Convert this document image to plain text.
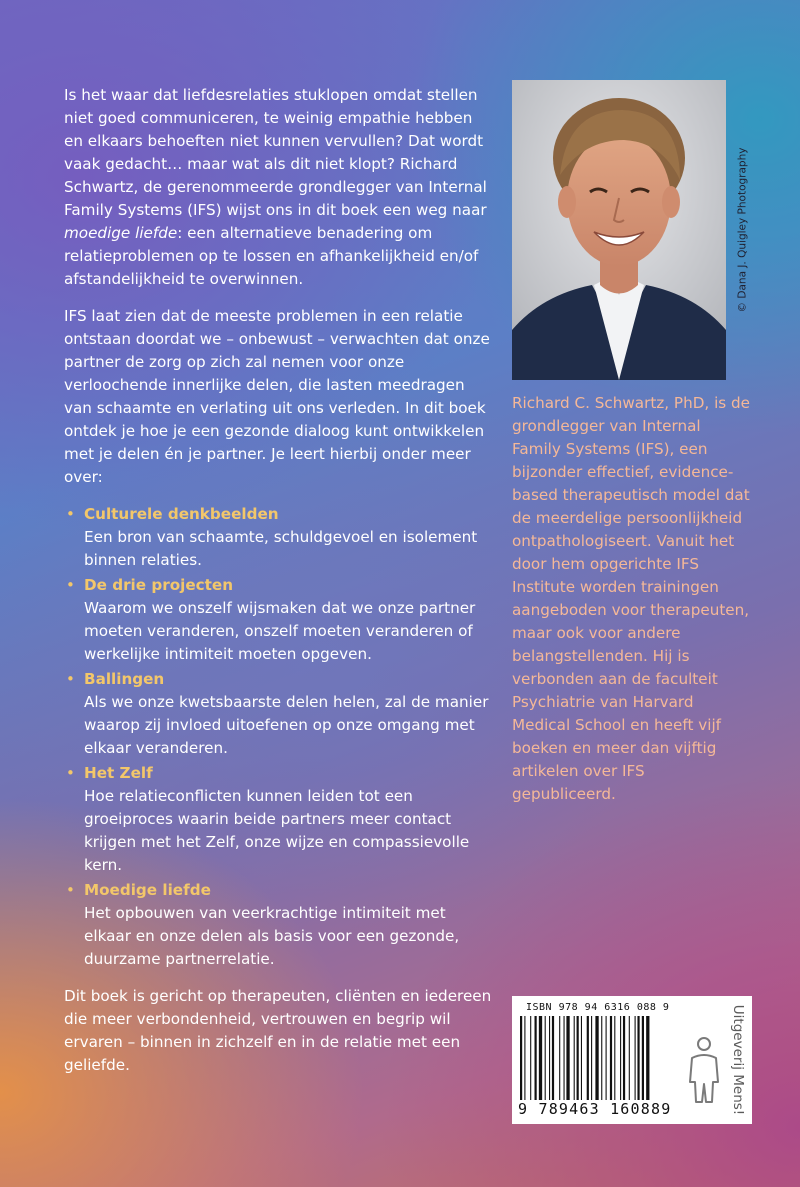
Is het waar dat liefdesrelaties stuklopen omdat stellen niet goed communiceren, te weinig empathie hebben en elkaars behoeften niet kunnen vervullen? Dat wordt vaak gedacht… maar wat als dit niet klopt? Richard Schwartz, de gerenommeerde grondlegger van Internal Family Systems (IFS) wijst ons in dit boek een weg naar moedige liefde: een alternatieve benadering om relatieproblemen op te lossen en afhankelijkheid en/of afstandelijkheid te overwinnen.

IFS laat zien dat de meeste problemen in een relatie ontstaan doordat we – onbewust – verwachten dat onze partner de zorg op zich zal nemen voor onze verloochende innerlijke delen, die lasten meedragen van schaamte en verlating uit ons verleden. In dit boek ontdek je hoe je een gezonde dialoog kunt ontwikkelen met je delen én je partner. Je leert hierbij onder meer over:

• Culturele denkbeelden
Een bron van schaamte, schuldgevoel en isolement binnen relaties.
• De drie projecten
Waarom we onszelf wijsmaken dat we onze partner moeten veranderen, onszelf moeten veranderen of werkelijke intimiteit moeten opgeven.
• Ballingen
Als we onze kwetsbaarste delen helen, zal de manier waarop zij invloed uitoefenen op onze omgang met elkaar veranderen.
• Het Zelf
Hoe relatieconflicten kunnen leiden tot een groeiproces waarin beide partners meer contact krijgen met het Zelf, onze wijze en compassievolle kern.
• Moedige liefde
Het opbouwen van veerkrachtige intimiteit met elkaar en onze delen als basis voor een gezonde, duurzame partnerrelatie.

Dit boek is gericht op therapeuten, cliënten en iedereen die meer verbondenheid, vertrouwen en begrip wil ervaren – binnen in zichzelf en in de relatie met een geliefde.

© Dana J. Quigley Photography

Richard C. Schwartz, PhD, is de grondlegger van Internal Family Systems (IFS), een bijzonder effectief, evidence-based therapeutisch model dat de meerdelige persoonlijkheid ontpathologiseert. Vanuit het door hem opgerichte IFS Institute worden trainingen aangeboden voor therapeuten, maar ook voor andere belangstellenden. Hij is verbonden aan de faculteit Psychiatrie van Harvard Medical School en heeft vijf boeken en meer dan vijftig artikelen over IFS gepubliceerd.

ISBN 978 94 6316 088 9
9 789463 160889	Uitgeverij Mens!
